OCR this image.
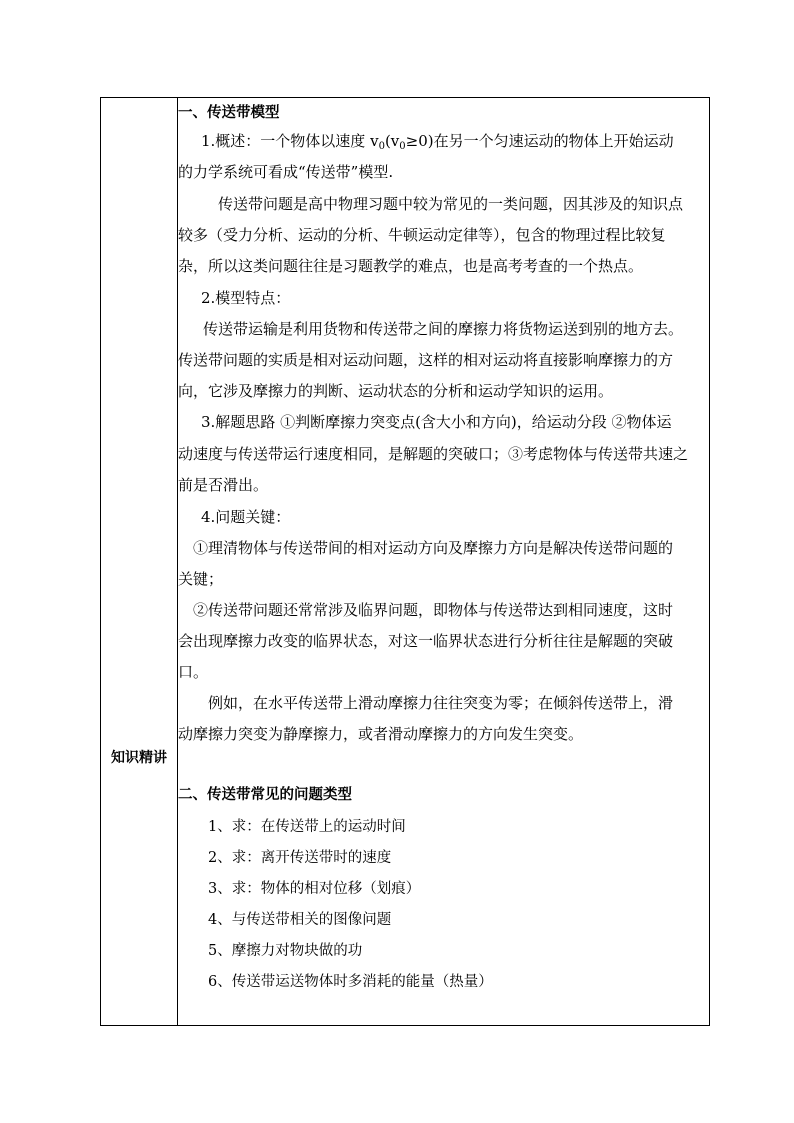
知识精讲
一、传送带模型
1.概述：一个物体以速度 $v_0(v_0\ge 0)$在另一个匀速运动的物体上开始运动
的力学系统可看成“传送带”模型.
传送带问题是高中物理习题中较为常见的一类问题，因其涉及的知识点
较多（受力分析、运动的分析、牛顿运动定律等），包含的物理过程比较复
杂，所以这类问题往往是习题教学的难点，也是高考考查的一个热点。
2.模型特点：
传送带运输是利用货物和传送带之间的摩擦力将货物运送到别的地方去。
传送带问题的实质是相对运动问题，这样的相对运动将直接影响摩擦力的方
向，它涉及摩擦力的判断、运动状态的分析和运动学知识的运用。
3.解题思路 ①判断摩擦力突变点(含大小和方向)，给运动分段 ②物体运
动速度与传送带运行速度相同，是解题的突破口；③考虑物体与传送带共速之
前是否滑出。
4.问题关键：
①理清物体与传送带间的相对运动方向及摩擦力方向是解决传送带问题的
关键；
②传送带问题还常常涉及临界问题，即物体与传送带达到相同速度，这时
会出现摩擦力改变的临界状态，对这一临界状态进行分析往往是解题的突破
口。
例如，在水平传送带上滑动摩擦力往往突变为零；在倾斜传送带上，滑
动摩擦力突变为静摩擦力，或者滑动摩擦力的方向发生突变。
二、传送带常见的问题类型
1、求：在传送带上的运动时间
2、求：离开传送带时的速度
3、求：物体的相对位移（划痕）
4、与传送带相关的图像问题
5、摩擦力对物块做的功
6、传送带运送物体时多消耗的能量（热量）
